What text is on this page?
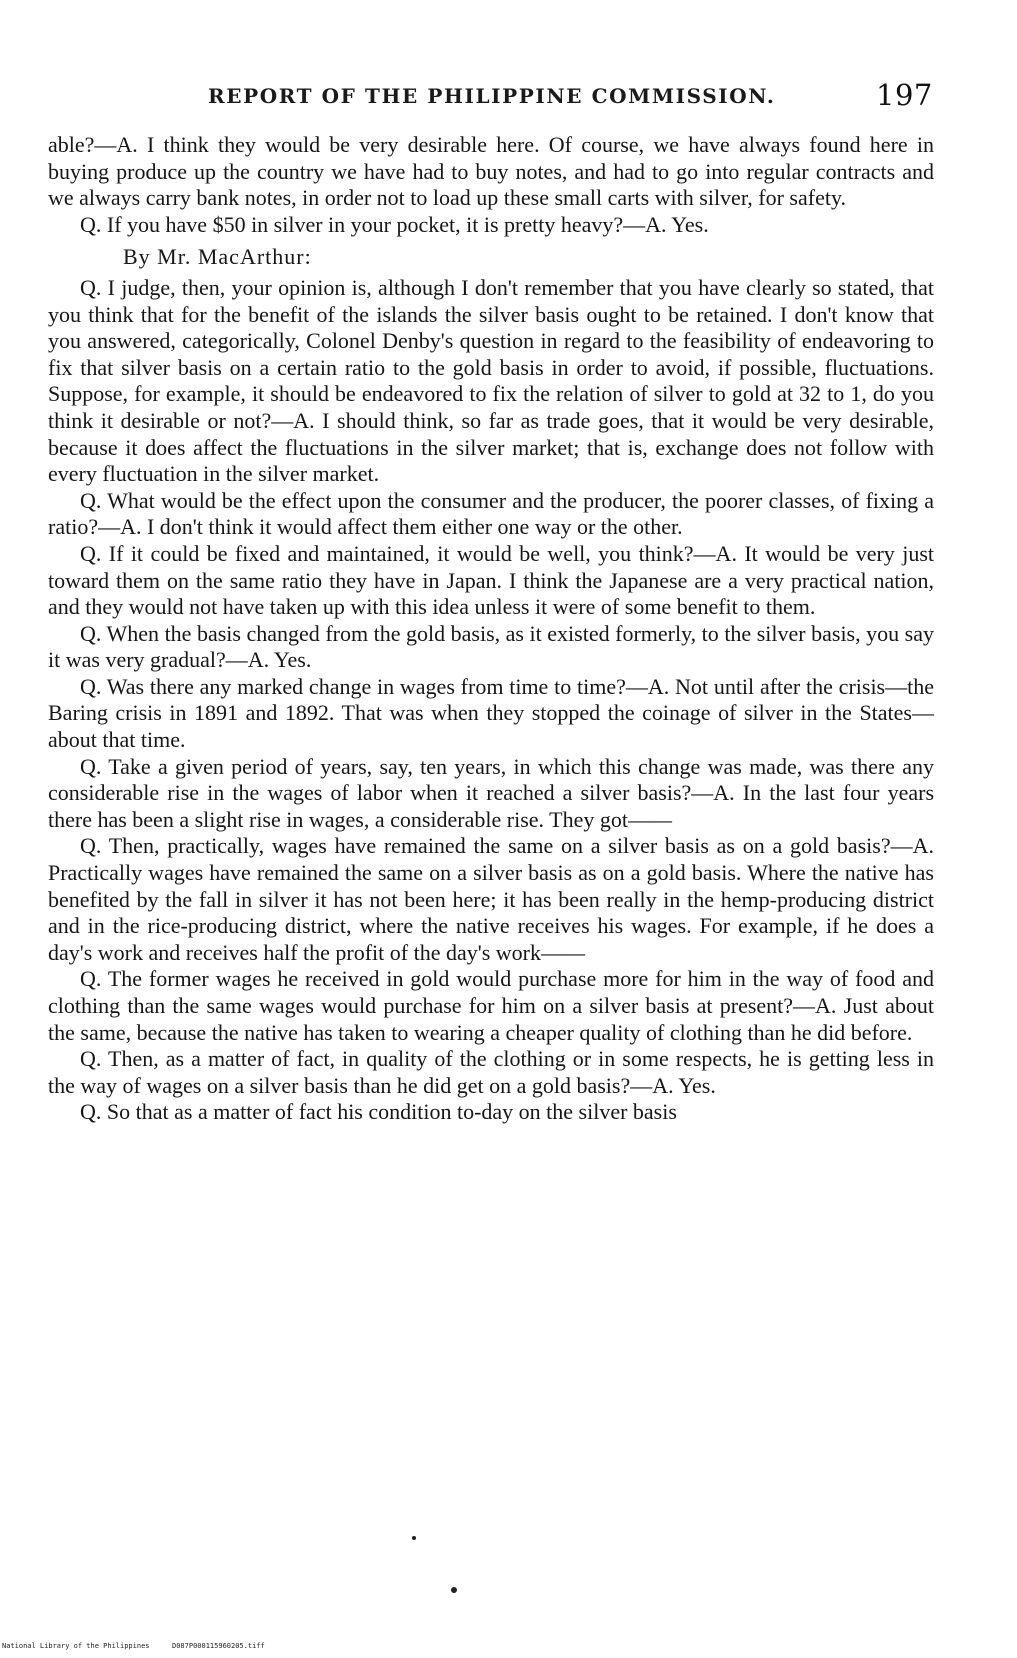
REPORT OF THE PHILIPPINE COMMISSION.	197

able?—A. I think they would be very desirable here. Of course, we have always found here in buying produce up the country we have had to buy notes, and had to go into regular contracts and we always carry bank notes, in order not to load up these small carts with silver, for safety.

Q. If you have $50 in silver in your pocket, it is pretty heavy?—A. Yes.

By Mr. MacArthur:

Q. I judge, then, your opinion is, although I don't remember that you have clearly so stated, that you think that for the benefit of the islands the silver basis ought to be retained. I don't know that you answered, categorically, Colonel Denby's question in regard to the feasibility of endeavoring to fix that silver basis on a certain ratio to the gold basis in order to avoid, if possible, fluctuations. Suppose, for example, it should be endeavored to fix the relation of silver to gold at 32 to 1, do you think it desirable or not?—A. I should think, so far as trade goes, that it would be very desirable, because it does affect the fluctuations in the silver market; that is, exchange does not follow with every fluctuation in the silver market.

Q. What would be the effect upon the consumer and the producer, the poorer classes, of fixing a ratio?—A. I don't think it would affect them either one way or the other.

Q. If it could be fixed and maintained, it would be well, you think?—A. It would be very just toward them on the same ratio they have in Japan. I think the Japanese are a very practical nation, and they would not have taken up with this idea unless it were of some benefit to them.

Q. When the basis changed from the gold basis, as it existed formerly, to the silver basis, you say it was very gradual?—A. Yes.

Q. Was there any marked change in wages from time to time?—A. Not until after the crisis—the Baring crisis in 1891 and 1892. That was when they stopped the coinage of silver in the States—about that time.

Q. Take a given period of years, say, ten years, in which this change was made, was there any considerable rise in the wages of labor when it reached a silver basis?—A. In the last four years there has been a slight rise in wages, a considerable rise. They got——

Q. Then, practically, wages have remained the same on a silver basis as on a gold basis?—A. Practically wages have remained the same on a silver basis as on a gold basis. Where the native has benefited by the fall in silver it has not been here; it has been really in the hemp-producing district and in the rice-producing district, where the native receives his wages. For example, if he does a day's work and receives half the profit of the day's work——

Q. The former wages he received in gold would purchase more for him in the way of food and clothing than the same wages would purchase for him on a silver basis at present?—A. Just about the same, because the native has taken to wearing a cheaper quality of clothing than he did before.

Q. Then, as a matter of fact, in quality of the clothing or in some respects, he is getting less in the way of wages on a silver basis than he did get on a gold basis?—A. Yes.

Q. So that as a matter of fact his condition to-day on the silver basis

National Library of the Philippines	D087P000115960205.tiff
